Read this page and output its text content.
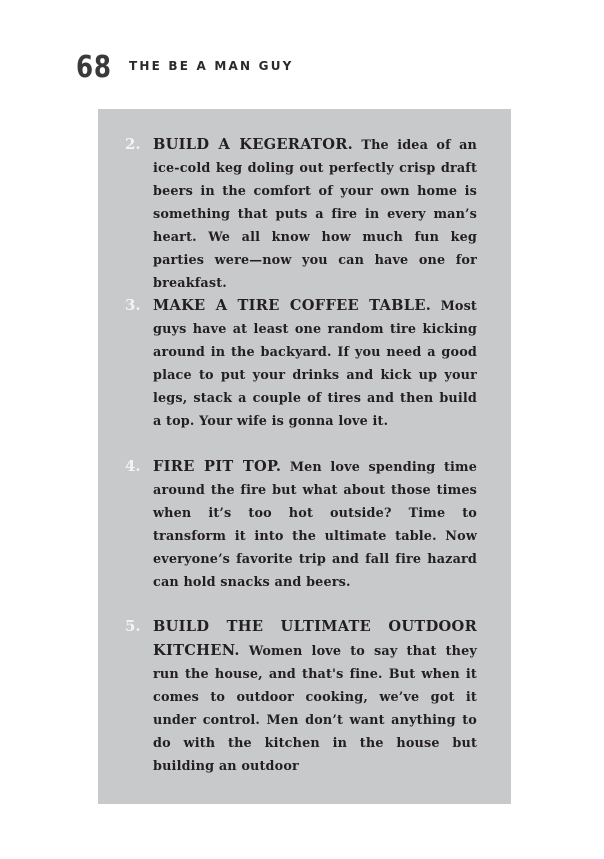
68 THE BE A MAN GUY
2. BUILD A KEGERATOR. The idea of an ice-cold keg doling out perfectly crisp draft beers in the comfort of your own home is something that puts a fire in every man’s heart. We all know how much fun keg parties were—now you can have one for breakfast.

3. MAKE A TIRE COFFEE TABLE. Most guys have at least one random tire kicking around in the backyard. If you need a good place to put your drinks and kick up your legs, stack a couple of tires and then build a top. Your wife is gonna love it.

4. FIRE PIT TOP. Men love spending time around the fire but what about those times when it’s too hot outside? Time to transform it into the ultimate table. Now everyone’s favorite trip and fall fire hazard can hold snacks and beers.

5. BUILD THE ULTIMATE OUTDOOR KITCHEN. Women love to say that they run the house, and that's fine. But when it comes to outdoor cooking, we’ve got it under control. Men don’t want anything to do with the kitchen in the house but building an outdoor
